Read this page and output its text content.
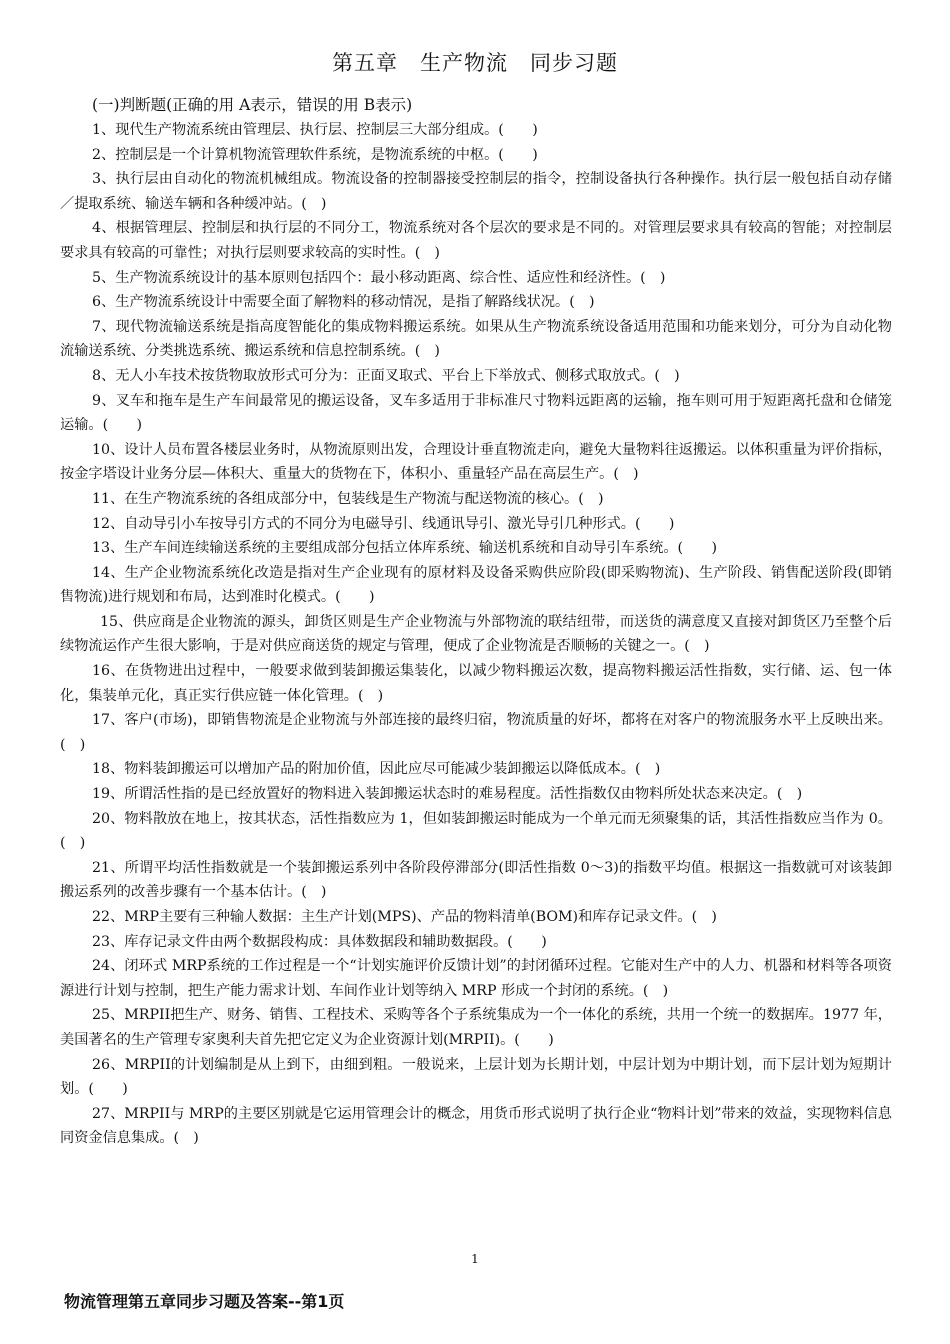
第五章　生产物流　同步习题
(一)判断题(正确的用 A表示，错误的用 B表示)

1、现代生产物流系统由管理层、执行层、控制层三大部分组成。(　　)

2、控制层是一个计算机物流管理软件系统，是物流系统的中枢。(　　)

3、执行层由自动化的物流机械组成。物流设备的控制器接受控制层的指令，控制设备执行各种操作。执行层一般包括自动存储／提取系统、输送车辆和各种缓冲站。(　)

4、根据管理层、控制层和执行层的不同分工，物流系统对各个层次的要求是不同的。对管理层要求具有较高的智能；对控制层要求具有较高的可靠性；对执行层则要求较高的实时性。(　)

5、生产物流系统设计的基本原则包括四个：最小移动距离、综合性、适应性和经济性。(　)

6、生产物流系统设计中需要全面了解物料的移动情况，是指了解路线状况。(　)

7、现代物流输送系统是指高度智能化的集成物料搬运系统。如果从生产物流系统设备适用范围和功能来划分，可分为自动化物流输送系统、分类挑选系统、搬运系统和信息控制系统。(　)

8、无人小车技术按货物取放形式可分为：正面叉取式、平台上下举放式、侧移式取放式。(　)

9、叉车和拖车是生产车间最常见的搬运设备，叉车多适用于非标准尺寸物料远距离的运输，拖车则可用于短距离托盘和仓储笼运输。(　　)

10、设计人员布置各楼层业务时，从物流原则出发，合理设计垂直物流走向，避免大量物料往返搬运。以体积重量为评价指标，按金字塔设计业务分层—体积大、重量大的货物在下，体积小、重量轻产品在高层生产。(　)

11、在生产物流系统的各组成部分中，包装线是生产物流与配送物流的核心。(　)

12、自动导引小车按导引方式的不同分为电磁导引、线通讯导引、激光导引几种形式。(　　)

13、生产车间连续输送系统的主要组成部分包括立体库系统、输送机系统和自动导引车系统。(　　)

14、生产企业物流系统化改造是指对生产企业现有的原材料及设备采购供应阶段(即采购物流)、生产阶段、销售配送阶段(即销售物流)进行规划和布局，达到准时化模式。(　　)

15、供应商是企业物流的源头，卸货区则是生产企业物流与外部物流的联结纽带，而送货的满意度又直接对卸货区乃至整个后续物流运作产生很大影响，于是对供应商送货的规定与管理，便成了企业物流是否顺畅的关键之一。(　)

16、在货物进出过程中，一般要求做到装卸搬运集装化，以减少物料搬运次数，提高物料搬运活性指数，实行储、运、包一体化，集装单元化，真正实行供应链一体化管理。(　)

17、客户(市场)，即销售物流是企业物流与外部连接的最终归宿，物流质量的好坏，都将在对客户的物流服务水平上反映出来。(　)

18、物料装卸搬运可以增加产品的附加价值，因此应尽可能减少装卸搬运以降低成本。(　)

19、所谓活性指的是已经放置好的物料进入装卸搬运状态时的难易程度。活性指数仅由物料所处状态来决定。(　)

20、物料散放在地上，按其状态，活性指数应为 1，但如装卸搬运时能成为一个单元而无须聚集的话，其活性指数应当作为 0。(　)

21、所谓平均活性指数就是一个装卸搬运系列中各阶段停滞部分(即活性指数 0～3)的指数平均值。根据这一指数就可对该装卸搬运系列的改善步骤有一个基本估计。(　)

22、MRP主要有三种输人数据：主生产计划(MPS)、产品的物料清单(BOM)和库存记录文件。(　)

23、库存记录文件由两个数据段构成：具体数据段和辅助数据段。(　　)

24、闭环式 MRP系统的工作过程是一个“计划实施评价反馈计划”的封闭循环过程。它能对生产中的人力、机器和材料等各项资源进行计划与控制，把生产能力需求计划、车间作业计划等纳入 MRP 形成一个封闭的系统。(　)

25、MRPII把生产、财务、销售、工程技术、采购等各个子系统集成为一个一体化的系统，共用一个统一的数据库。1977 年，美国著名的生产管理专家奥利夫首先把它定义为企业资源计划(MRPII)。(　　)

26、MRPII的计划编制是从上到下，由细到粗。一般说来，上层计划为长期计划，中层计划为中期计划，而下层计划为短期计划。(　　)

27、MRPII与 MRP的主要区别就是它运用管理会计的概念，用货币形式说明了执行企业“物料计划”带来的效益，实现物料信息同资金信息集成。(　)

1
物流管理第五章同步习题及答案--第1页
